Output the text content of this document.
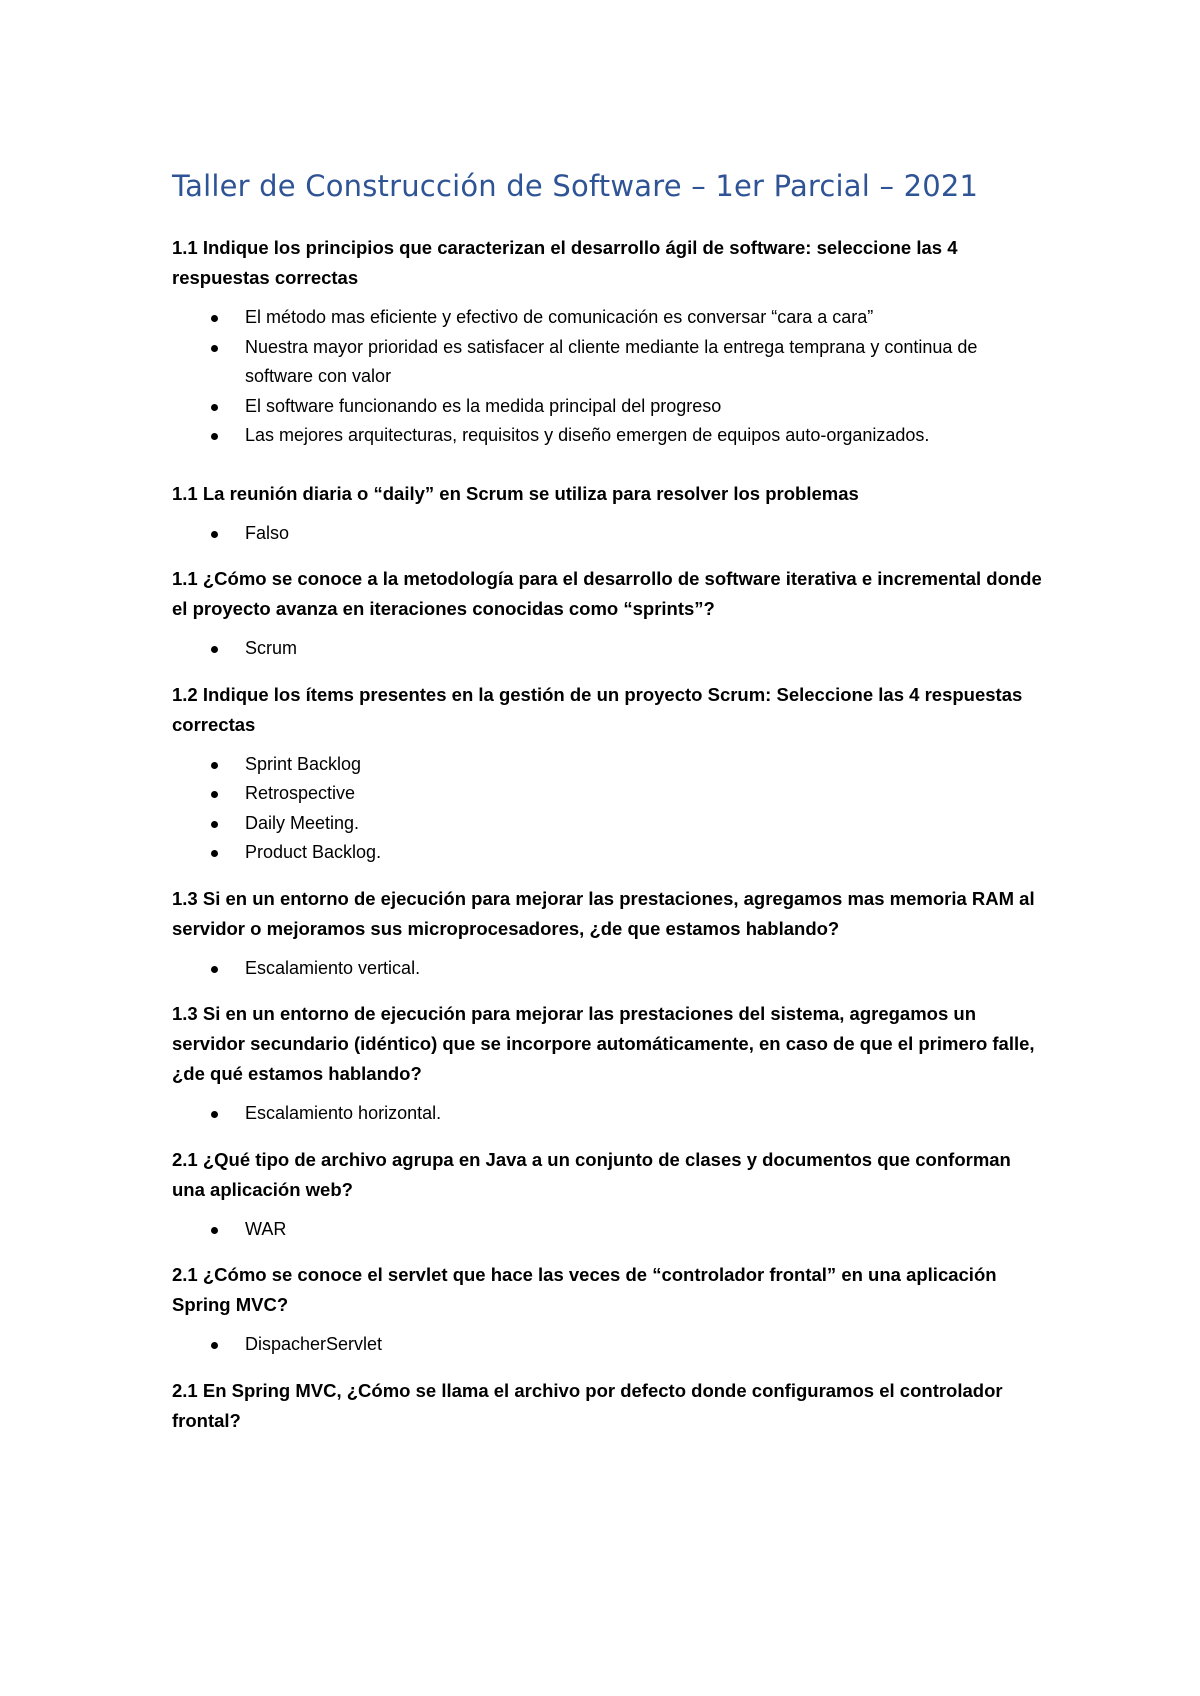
Taller de Construcción de Software – 1er Parcial – 2021

1.1 Indique los principios que caracterizan el desarrollo ágil de software: seleccione las 4 respuestas correctas

El método mas eficiente y efectivo de comunicación es conversar “cara a cara”
Nuestra mayor prioridad es satisfacer al cliente mediante la entrega temprana y continua de software con valor
El software funcionando es la medida principal del progreso
Las mejores arquitecturas, requisitos y diseño emergen de equipos auto-organizados.

1.1 La reunión diaria o “daily” en Scrum se utiliza para resolver los problemas

Falso

1.1 ¿Cómo se conoce a la metodología para el desarrollo de software iterativa e incremental donde el proyecto avanza en iteraciones conocidas como “sprints”?

Scrum

1.2 Indique los ítems presentes en la gestión de un proyecto Scrum: Seleccione las 4 respuestas correctas

Sprint Backlog
Retrospective
Daily Meeting.
Product Backlog.

1.3 Si en un entorno de ejecución para mejorar las prestaciones, agregamos mas memoria RAM al servidor o mejoramos sus microprocesadores, ¿de que estamos hablando?

Escalamiento vertical.

1.3 Si en un entorno de ejecución para mejorar las prestaciones del sistema, agregamos un servidor secundario (idéntico) que se incorpore automáticamente, en caso de que el primero falle, ¿de qué estamos hablando?

Escalamiento horizontal.

2.1 ¿Qué tipo de archivo agrupa en Java a un conjunto de clases y documentos que conforman una aplicación web?

WAR

2.1 ¿Cómo se conoce el servlet que hace las veces de “controlador frontal” en una aplicación Spring MVC?

DispacherServlet

2.1 En Spring MVC, ¿Cómo se llama el archivo por defecto donde configuramos el controlador frontal?
